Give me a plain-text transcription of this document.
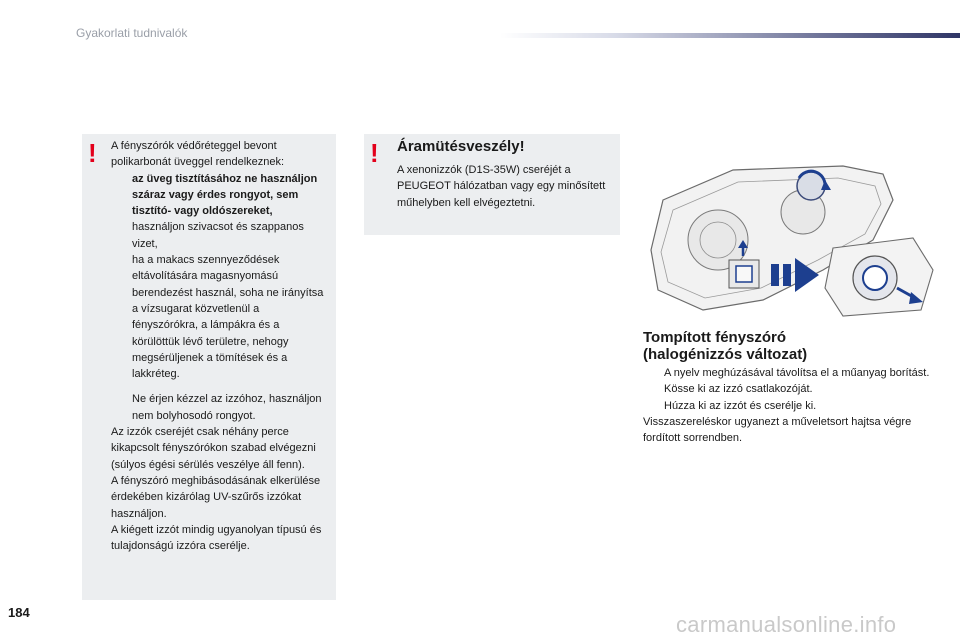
Gyakorlati tudnivalók
! A fényszórók védőréteggel bevont polikarbonát üveggel rendelkeznek:
az üveg tisztításához ne használjon száraz vagy érdes rongyot, sem tisztító- vagy oldószereket,
használjon szivacsot és szappanos vizet,
ha a makacs szennyeződések eltávolítására magasnyomású berendezést használ, soha ne irányítsa a vízsugarat közvetlenül a fényszórókra, a lámpákra és a körülöttük lévő területre, nehogy megsérüljenek a tömítések és a lakkréteg.
Ne érjen kézzel az izzóhoz, használjon nem bolyhosodó rongyot.
Az izzók cseréjét csak néhány perce kikapcsolt fényszórókon szabad elvégezni (súlyos égési sérülés veszélye áll fenn).
A fényszóró meghibásodásának elkerülése érdekében kizárólag UV-szűrős izzókat használjon.
A kiégett izzót mindig ugyanolyan típusú és tulajdonságú izzóra cserélje.
! Áramütésveszély!
A xenonizzók (D1S-35W) cseréjét a PEUGEOT hálózatban vagy egy minősített műhelyben kell elvégeztetni.
Tompított fényszóró
(halogénizzós változat)
A nyelv meghúzásával távolítsa el a műanyag borítást.
Kösse ki az izzó csatlakozóját.
Húzza ki az izzót és cserélje ki.
Visszaszereléskor ugyanezt a műveletsort hajtsa végre fordított sorrendben.
184	carmanualsonline.info
